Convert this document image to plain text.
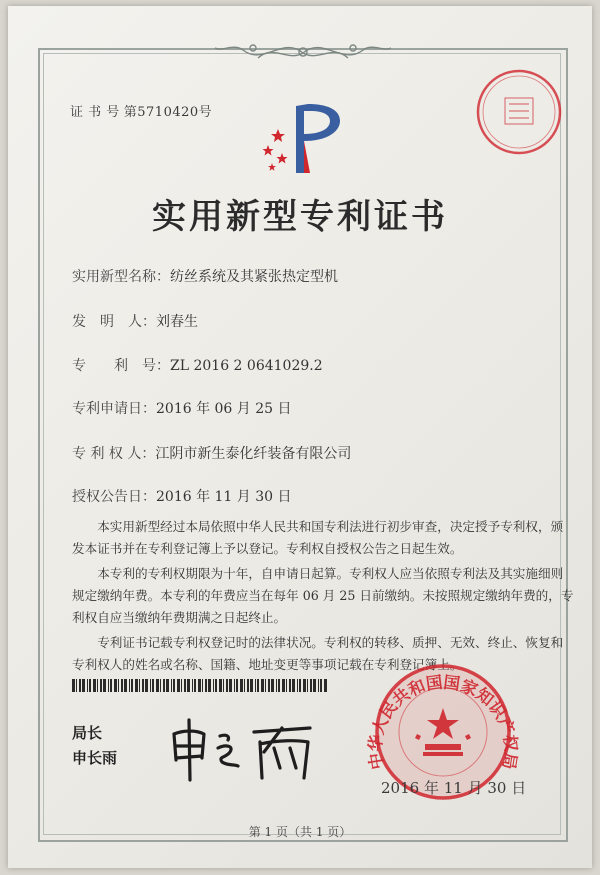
证 书 号 第5710420号
实用新型专利证书
实用新型名称：纺丝系统及其紧张热定型机
发　明　人：刘春生
专　　利　号：ZL 2016 2 0641029.2
专利申请日：2016 年 06 月 25 日
专 利 权 人：江阴市新生泰化纤装备有限公司
授权公告日：2016 年 11 月 30 日
　　本实用新型经过本局依照中华人民共和国专利法进行初步审查，决定授予专利权，颁
发本证书并在专利登记簿上予以登记。专利权自授权公告之日起生效。
　　本专利的专利权期限为十年，自申请日起算。专利权人应当依照专利法及其实施细则
规定缴纳年费。本专利的年费应当在每年 06 月 25 日前缴纳。未按照规定缴纳年费的，专
利权自应当缴纳年费期满之日起终止。
　　专利证书记载专利权登记时的法律状况。专利权的转移、质押、无效、终止、恢复和
专利权人的姓名或名称、国籍、地址变更等事项记载在专利登记簿上。
局长
申长雨	中华人民共和国国家知识产权局
2016 年 11 月 30 日
第 1 页（共 1 页）
